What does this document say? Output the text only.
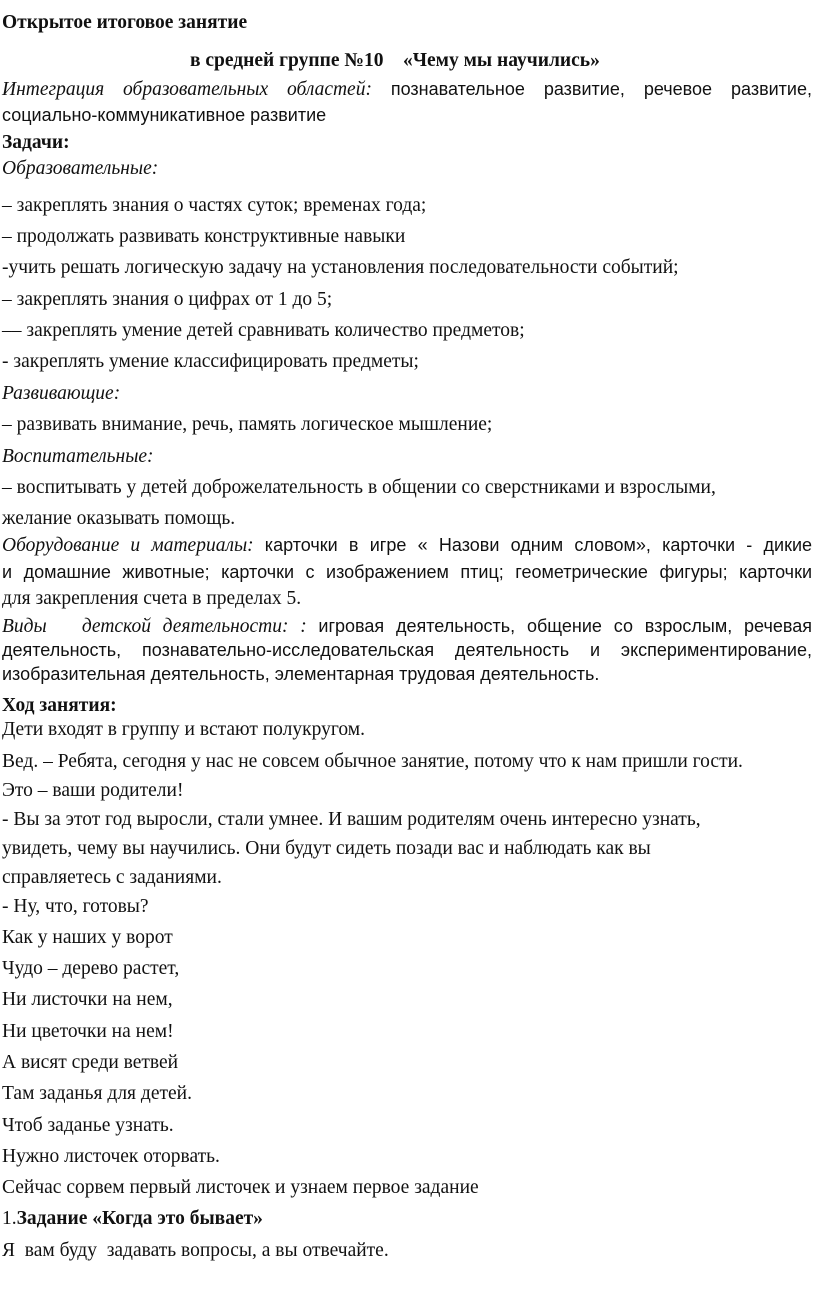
Открытое итоговое занятие
в средней группе №10    «Чему мы научились»
Интеграция образовательных областей: познавательное развитие, речевое развитие,
социально-коммуникативное развитие
Задачи:
Образовательные:
– закреплять знания о частях суток; временах года;
– продолжать развивать конструктивные навыки
-учить решать логическую задачу на установления последовательности событий;
– закреплять знания о цифрах от 1 до 5;
–– закреплять умение детей сравнивать количество предметов;
- закреплять умение классифицировать предметы;
Развивающие:
– развивать внимание, речь, память логическое мышление;
Воспитательные:
– воспитывать у детей доброжелательность в общении со сверстниками и взрослыми,
желание оказывать помощь.
Оборудование и материалы: карточки в игре « Назови одним словом», карточки - дикие
и домашние животные; карточки с изображением птиц; геометрические фигуры; карточки
для закрепления счета в пределах 5.
Виды   детской деятельности: : игровая деятельность, общение со взрослым, речевая
деятельность, познавательно-исследовательская деятельность и экспериментирование,
изобразительная деятельность, элементарная трудовая деятельность.
Ход занятия:
Дети входят в группу и встают полукругом.
Вед. – Ребята, сегодня у нас не совсем обычное занятие, потому что к нам пришли гости.
Это – ваши родители!
- Вы за этот год выросли, стали умнее. И вашим родителям очень интересно узнать,
увидеть, чему вы научились. Они будут сидеть позади вас и наблюдать как вы
справляетесь с заданиями.
- Ну, что, готовы?
Как у наших у ворот
Чудо – дерево растет,
Ни листочки на нем,
Ни цветочки на нем!
А висят среди ветвей
Там заданья для детей.
Чтоб заданье узнать.
Нужно листочек оторвать.
Сейчас сорвем первый листочек и узнаем первое задание
1.Задание «Когда это бывает»
Я  вам буду  задавать вопросы, а вы отвечайте.
